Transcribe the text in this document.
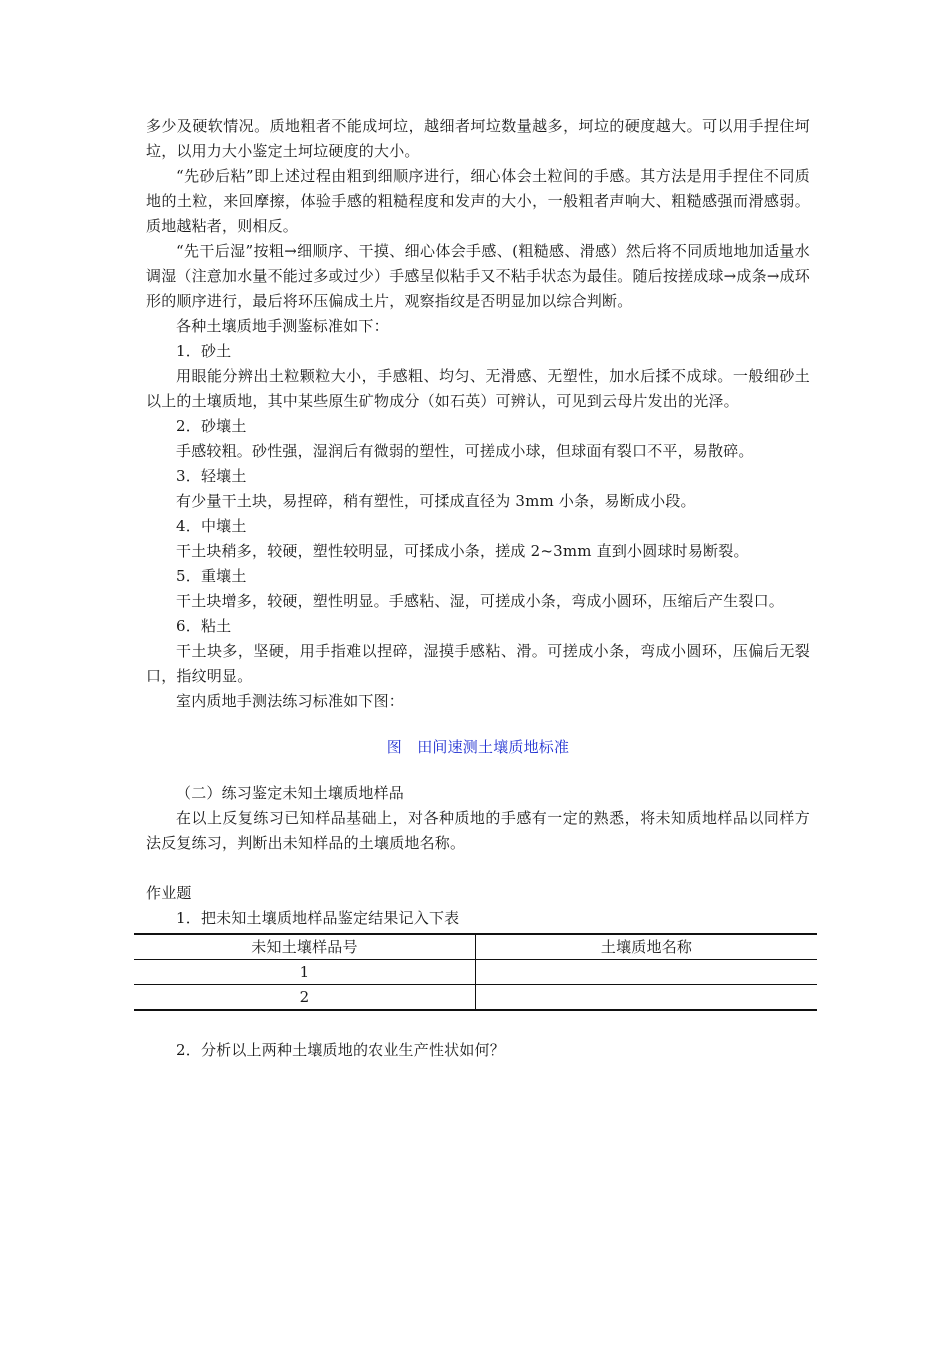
多少及硬软情况。质地粗者不能成坷垃，越细者坷垃数量越多，坷垃的硬度越大。可以用手捏住坷垃，以用力大小鉴定土坷垃硬度的大小。

“先砂后粘”即上述过程由粗到细顺序进行，细心体会土粒间的手感。其方法是用手捏住不同质地的土粒，来回摩擦，体验手感的粗糙程度和发声的大小，一般粗者声响大、粗糙感强而滑感弱。质地越粘者，则相反。

“先干后湿”按粗→细顺序、干摸、细心体会手感、(粗糙感、滑感）然后将不同质地地加适量水调湿（注意加水量不能过多或过少）手感呈似粘手又不粘手状态为最佳。随后按搓成球→成条→成环形的顺序进行，最后将环压偏成土片，观察指纹是否明显加以综合判断。

各种土壤质地手测鉴标准如下：

1．砂土

用眼能分辨出土粒颗粒大小，手感粗、均匀、无滑感、无塑性，加水后揉不成球。一般细砂土以上的土壤质地，其中某些原生矿物成分（如石英）可辨认，可见到云母片发出的光泽。

2．砂壤土

手感较粗。砂性强，湿润后有微弱的塑性，可搓成小球，但球面有裂口不平，易散碎。

3．轻壤土

有少量干土块，易捏碎，稍有塑性，可揉成直径为 3mm 小条，易断成小段。

4．中壤土

干土块稍多，较硬，塑性较明显，可揉成小条，搓成 2~3mm 直到小圆球时易断裂。

5．重壤土

干土块增多，较硬，塑性明显。手感粘、湿，可搓成小条，弯成小圆环，压缩后产生裂口。

6．粘土

干土块多，坚硬，用手指难以捏碎，湿摸手感粘、滑。可搓成小条，弯成小圆环，压偏后无裂口，指纹明显。

室内质地手测法练习标准如下图：

图　田间速测土壤质地标准

（二）练习鉴定未知土壤质地样品

在以上反复练习已知样品基础上，对各种质地的手感有一定的熟悉，将未知质地样品以同样方法反复练习，判断出未知样品的土壤质地名称。

作业题

1．把未知土壤质地样品鉴定结果记入下表

未知土壤样品号	土壤质地名称
1	
2	

2．分析以上两种土壤质地的农业生产性状如何？
